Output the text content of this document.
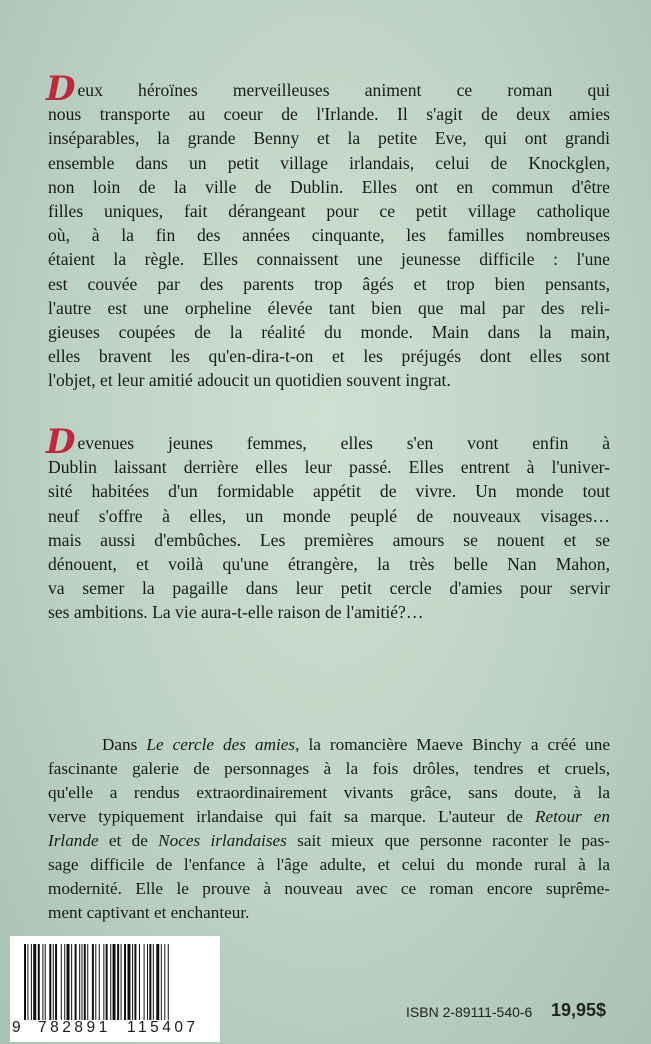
Deux héroïnes merveilleuses animent ce roman qui
nous transporte au coeur de l'Irlande. Il s'agit de deux amies
inséparables, la grande Benny et la petite Eve, qui ont grandi
ensemble dans un petit village irlandais, celui de Knockglen,
non loin de la ville de Dublin. Elles ont en commun d'être
filles uniques, fait dérangeant pour ce petit village catholique
où, à la fin des années cinquante, les familles nombreuses
étaient la règle. Elles connaissent une jeunesse difficile : l'une
est couvée par des parents trop âgés et trop bien pensants,
l'autre est une orpheline élevée tant bien que mal par des reli-
gieuses coupées de la réalité du monde. Main dans la main,
elles bravent les qu'en-dira-t-on et les préjugés dont elles sont
l'objet, et leur amitié adoucit un quotidien souvent ingrat.
Devenues jeunes femmes, elles s'en vont enfin à
Dublin laissant derrière elles leur passé. Elles entrent à l'univer-
sité habitées d'un formidable appétit de vivre. Un monde tout
neuf s'offre à elles, un monde peuplé de nouveaux visages…
mais aussi d'embûches. Les premières amours se nouent et se
dénouent, et voilà qu'une étrangère, la très belle Nan Mahon,
va semer la pagaille dans leur petit cercle d'amies pour servir
ses ambitions. La vie aura-t-elle raison de l'amitié?…
Dans Le cercle des amies, la romancière Maeve Binchy a créé une
fascinante galerie de personnages à la fois drôles, tendres et cruels,
qu'elle a rendus extraordinairement vivants grâce, sans doute, à la
verve typiquement irlandaise qui fait sa marque. L'auteur de Retour en
Irlande et de Noces irlandaises sait mieux que personne raconter le pas-
sage difficile de l'enfance à l'âge adulte, et celui du monde rural à la
modernité. Elle le prouve à nouveau avec ce roman encore suprême-
ment captivant et enchanteur.
9 782891 115407
ISBN 2-89111-540-6 19,95$
